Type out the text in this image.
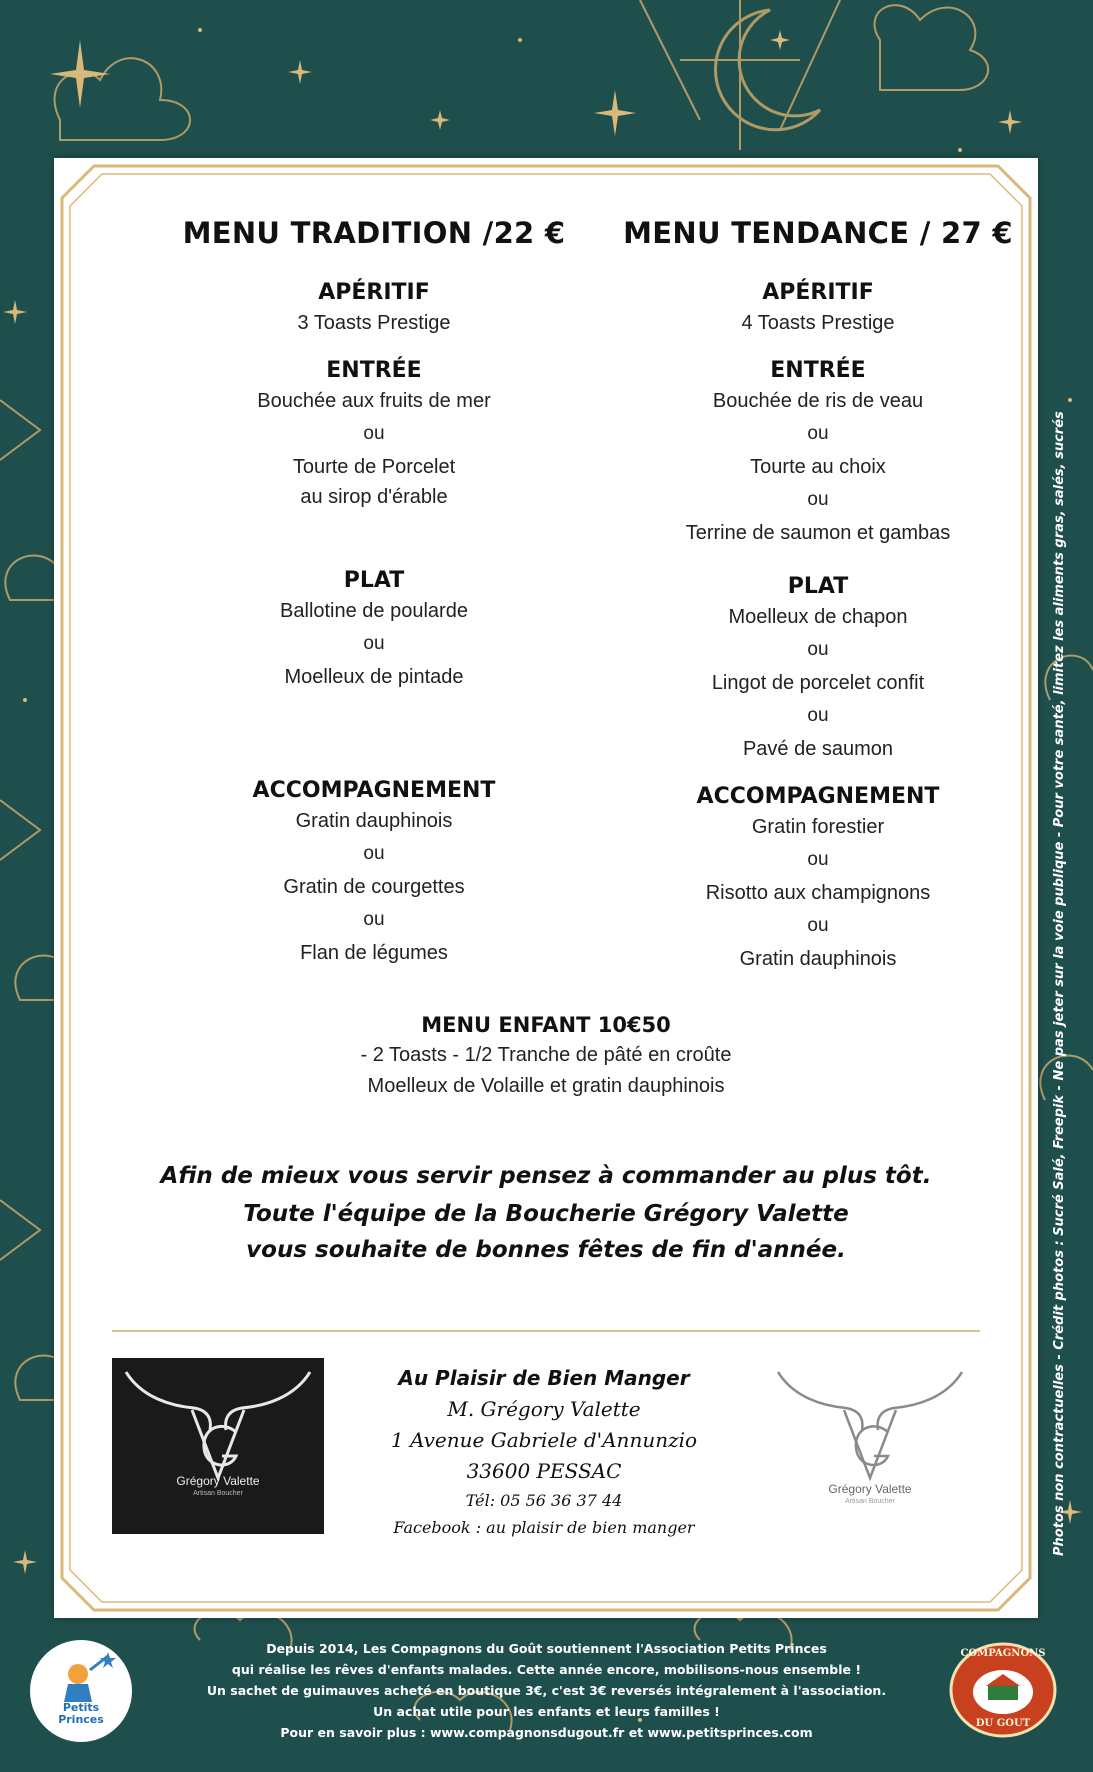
MENU TRADITION /22 €
APÉRITIF
3 Toasts Prestige
ENTRÉE
Bouchée aux fruits de mer
ou
Tourte de Porcelet
au sirop d'érable
PLAT
Ballotine de poularde
ou
Moelleux de pintade
ACCOMPAGNEMENT
Gratin dauphinois
ou
Gratin de courgettes
ou
Flan de légumes
MENU TENDANCE / 27 €
APÉRITIF
4 Toasts Prestige
ENTRÉE
Bouchée de ris de veau
ou
Tourte au choix
ou
Terrine de saumon et gambas
PLAT
Moelleux de chapon
ou
Lingot de porcelet confit
ou
Pavé de saumon
ACCOMPAGNEMENT
Gratin forestier
ou
Risotto aux champignons
ou
Gratin dauphinois
MENU ENFANT 10€50
- 2 Toasts - 1/2 Tranche de pâté en croûte
Moelleux de Volaille et gratin dauphinois
Afin de mieux vous servir pensez à commander au plus tôt.
Toute l'équipe de la Boucherie Grégory Valette
vous souhaite de bonnes fêtes de fin d'année.
Grégory Valette
Artisan Boucher
Au Plaisir de Bien Manger
M. Grégory Valette
1 Avenue Gabriele d'Annunzio
33600 PESSAC
Tél: 05 56 36 37 44
Facebook : au plaisir de bien manger
Grégory Valette
Artisan Boucher	Photos non contractuelles - Crédit photos : Sucré Salé, Freepik - Ne pas jeter sur la voie publique - Pour votre santé, limitez les aliments gras, salés, sucrés
Depuis 2014, Les Compagnons du Goût soutiennent l'Association Petits Princes
qui réalise les rêves d'enfants malades. Cette année encore, mobilisons-nous ensemble !
Un sachet de guimauves acheté en boutique 3€, c'est 3€ reversés intégralement à l'association.
Un achat utile pour les enfants et leurs familles !
Pour en savoir plus : www.compagnonsdugout.fr et www.petitsprinces.com
Petits
Princes
COMPAGNONS
DU GOUT
